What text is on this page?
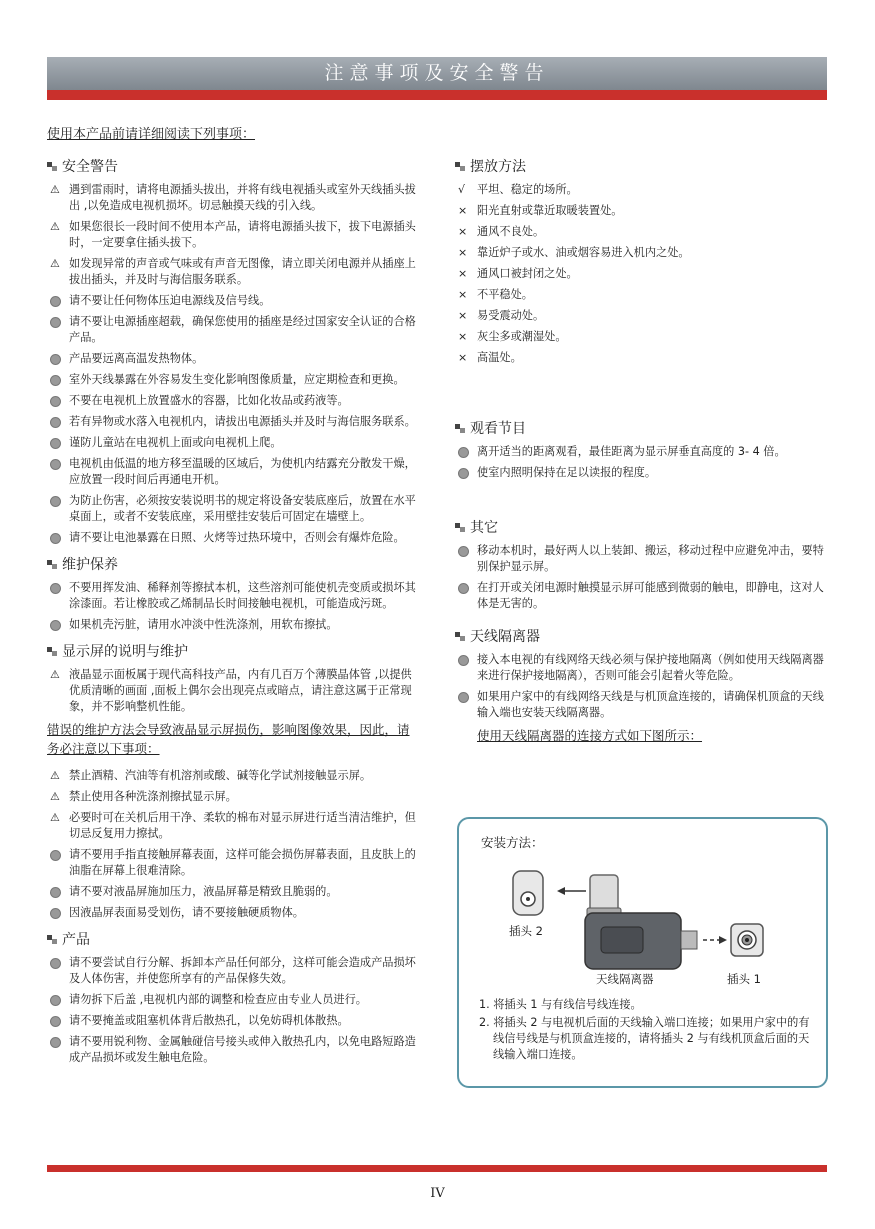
注意事项及安全警告
使用本产品前请详细阅读下列事项：
安全警告
⚠ 遇到雷雨时，请将电源插头拔出，并将有线电视插头或室外天线插头拔出 ,以免造成电视机损坏。切忌触摸天线的引入线。
⚠ 如果您很长一段时间不使用本产品，请将电源插头拔下，拔下电源插头时，一定要拿住插头拔下。
⚠ 如发现异常的声音或气味或有声音无图像，请立即关闭电源并从插座上拔出插头，并及时与海信服务联系。
请不要让任何物体压迫电源线及信号线。
请不要让电源插座超载，确保您使用的插座是经过国家安全认证的合格产品。
产品要远离高温发热物体。
室外天线暴露在外容易发生变化影响图像质量，应定期检查和更换。
不要在电视机上放置盛水的容器，比如化妆品或药液等。
若有异物或水落入电视机内，请拔出电源插头并及时与海信服务联系。
谨防儿童站在电视机上面或向电视机上爬。
电视机由低温的地方移至温暖的区域后，为使机内结露充分散发干燥，应放置一段时间后再通电开机。
为防止伤害，必须按安装说明书的规定将设备安装底座后，放置在水平桌面上，或者不安装底座，采用壁挂安装后可固定在墙壁上。
请不要让电池暴露在日照、火烤等过热环境中，否则会有爆炸危险。
维护保养
不要用挥发油、稀释剂等擦拭本机，这些溶剂可能使机壳变质或损坏其涂漆面。若让橡胶或乙烯制品长时间接触电视机，可能造成污斑。
如果机壳污脏，请用水冲淡中性洗涤剂，用软布擦拭。
显示屏的说明与维护
⚠ 液晶显示面板属于现代高科技产品，内有几百万个薄膜晶体管 ,以提供优质清晰的画面 ,面板上偶尔会出现亮点或暗点，请注意这属于正常现象，并不影响整机性能。
错误的维护方法会导致液晶显示屏损伤，影响图像效果，因此，请务必注意以下事项：
⚠ 禁止酒精、汽油等有机溶剂或酸、碱等化学试剂接触显示屏。
⚠ 禁止使用各种洗涤剂擦拭显示屏。
⚠ 必要时可在关机后用干净、柔软的棉布对显示屏进行适当清洁维护，但切忌反复用力擦拭。
请不要用手指直接触屏幕表面，这样可能会损伤屏幕表面，且皮肤上的油脂在屏幕上很难清除。
请不要对液晶屏施加压力，液晶屏幕是精致且脆弱的。
因液晶屏表面易受划伤，请不要接触硬质物体。
产品
请不要尝试自行分解、拆卸本产品任何部分，这样可能会造成产品损坏及人体伤害，并使您所享有的产品保修失效。
请勿拆下后盖 ,电视机内部的调整和检查应由专业人员进行。
请不要掩盖或阻塞机体背后散热孔，以免妨碍机体散热。
请不要用锐利物、金属触碰信号接头或伸入散热孔内，以免电路短路造成产品损坏或发生触电危险。
摆放方法
√ 平坦、稳定的场所。
× 阳光直射或靠近取暖装置处。
× 通风不良处。
× 靠近炉子或水、油或烟容易进入机内之处。
× 通风口被封闭之处。
× 不平稳处。
× 易受震动处。
× 灰尘多或潮湿处。
× 高温处。
观看节目
离开适当的距离观看，最佳距离为显示屏垂直高度的 3- 4 倍。
使室内照明保持在足以读报的程度。
其它
移动本机时，最好两人以上装卸、搬运，移动过程中应避免冲击，要特别保护显示屏。
在打开或关闭电源时触摸显示屏可能感到微弱的触电，即静电，这对人体是无害的。
天线隔离器
接入本电视的有线网络天线必须与保护接地隔离（例如使用天线隔离器来进行保护接地隔离），否则可能会引起着火等危险。
如果用户家中的有线网络天线是与机顶盒连接的，请确保机顶盒的天线输入端也安装天线隔离器。
使用天线隔离器的连接方式如下图所示：
安装方法：
插头 2
天线隔离器	插头 1
1. 将插头 1 与有线信号线连接。
2. 将插头 2 与电视机后面的天线输入端口连接；如果用户家中的有线信号线是与机顶盒连接的，请将插头 2 与有线机顶盒后面的天线输入端口连接。
IV
